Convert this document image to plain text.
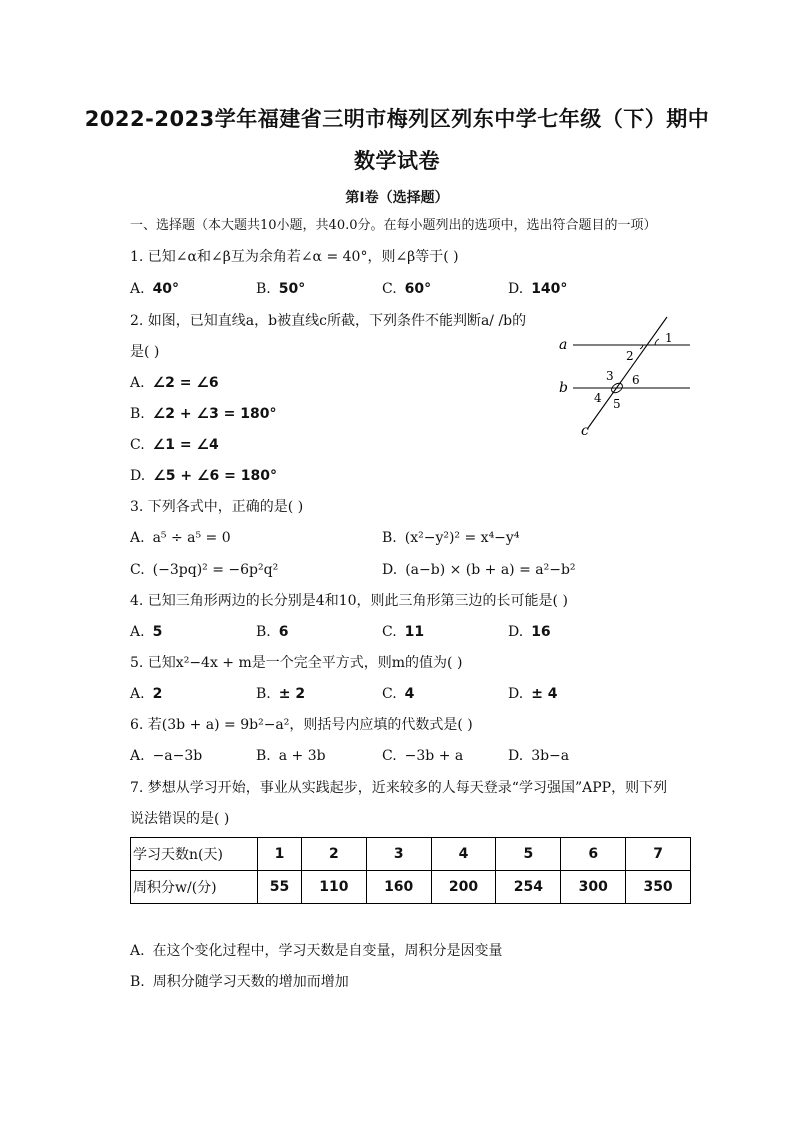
2022-2023学年福建省三明市梅列区列东中学七年级（下）期中
数学试卷
第Ⅰ卷（选择题）
一、选择题（本大题共10小题，共40.0分。在每小题列出的选项中，选出符合题目的一项）
1. 已知∠α和∠β互为余角若∠α = 40°，则∠β等于( )
A. 40°	B. 50°	C. 60°	D. 140°
2. 如图，已知直线a，b被直线c所截，下列条件不能判断a/ /b的
是( )
A. ∠2 = ∠6
B. ∠2 + ∠3 = 180°
C. ∠1 = ∠4
D. ∠5 + ∠6 = 180°
a
b
c
1
2
3 6
4 5
3. 下列各式中，正确的是( )
A. a⁵ ÷ a⁵ = 0	B. (x²−y²)² = x⁴−y⁴
C. (−3pq)² = −6p²q²	D. (a−b) × (b + a) = a²−b²
4. 已知三角形两边的长分别是4和10，则此三角形第三边的长可能是( )
A. 5	B. 6	C. 11	D. 16
5. 已知x²−4x + m是一个完全平方式，则m的值为( )
A. 2	B. ± 2	C. 4	D. ± 4
6. 若(3b + a) = 9b²−a²，则括号内应填的代数式是( )
A. −a−3b	B. a + 3b	C. −3b + a	D. 3b−a
7. 梦想从学习开始，事业从实践起步，近来较多的人每天登录“学习强国”APP，则下列
说法错误的是( )
学习天数n(天)	1	2	3	4	5	6	7
周积分w/(分)	55	110	160	200	254	300	350
A. 在这个变化过程中，学习天数是自变量，周积分是因变量
B. 周积分随学习天数的增加而增加
